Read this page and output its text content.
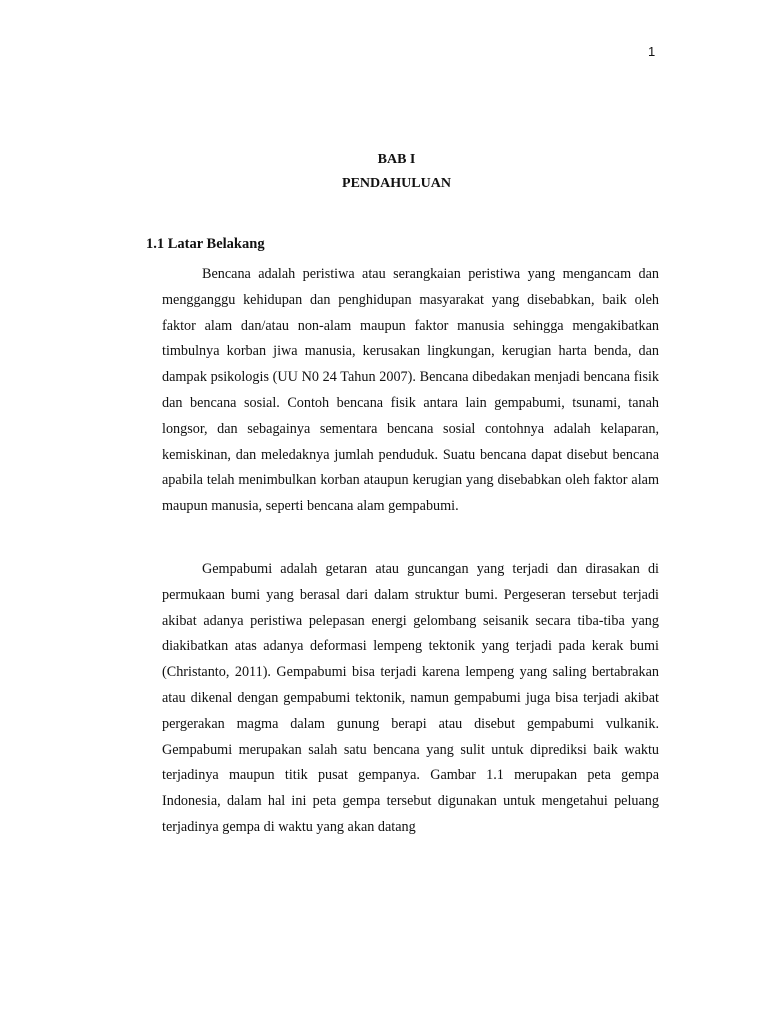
1
BAB I
PENDAHULUAN
1.1 Latar Belakang

Bencana adalah peristiwa atau serangkaian peristiwa yang mengancam dan mengganggu kehidupan dan penghidupan masyarakat yang disebabkan, baik oleh faktor alam dan/atau non-alam maupun faktor manusia sehingga mengakibatkan timbulnya korban jiwa manusia, kerusakan lingkungan, kerugian harta benda, dan dampak psikologis (UU N0 24 Tahun 2007). Bencana dibedakan menjadi bencana fisik dan bencana sosial. Contoh bencana fisik antara lain gempabumi, tsunami, tanah longsor, dan sebagainya sementara bencana sosial contohnya adalah kelaparan, kemiskinan, dan meledaknya jumlah penduduk. Suatu bencana dapat disebut bencana apabila telah menimbulkan korban ataupun kerugian yang disebabkan oleh faktor alam maupun manusia, seperti bencana alam gempabumi.

Gempabumi adalah getaran atau guncangan yang terjadi dan dirasakan di permukaan bumi yang berasal dari dalam struktur bumi. Pergeseran tersebut terjadi akibat adanya peristiwa pelepasan energi gelombang seisanik secara tiba-tiba yang diakibatkan atas adanya deformasi lempeng tektonik yang terjadi pada kerak bumi (Christanto, 2011). Gempabumi bisa terjadi karena lempeng yang saling bertabrakan atau dikenal dengan gempabumi tektonik, namun gempabumi juga bisa terjadi akibat pergerakan magma dalam gunung berapi atau disebut gempabumi vulkanik. Gempabumi merupakan salah satu bencana yang sulit untuk diprediksi baik waktu terjadinya maupun titik pusat gempanya. Gambar 1.1 merupakan peta gempa Indonesia, dalam hal ini peta gempa tersebut digunakan untuk mengetahui peluang terjadinya gempa di waktu yang akan datang
